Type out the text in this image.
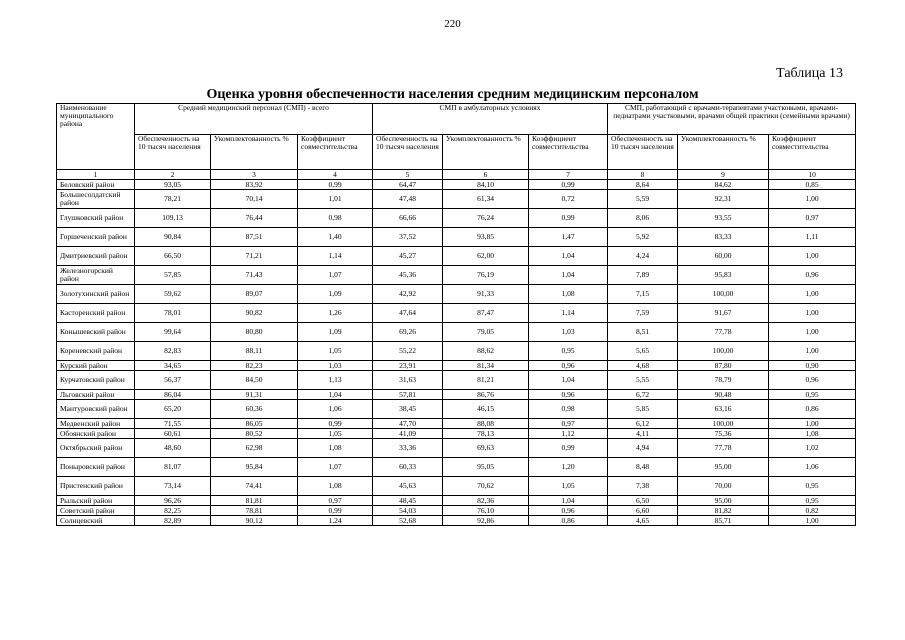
220
Таблица 13
Оценка уровня обеспеченности населения средним медицинским персоналом
Наименование муниципального района	Средний медицинский персонал (СМП) - всего			СМП в амбулаторных условиях			СМП, работающий с врачами-терапевтами участковыми, врачами-педиатрами участковыми, врачами общей практики (семейными врачами)		
	Обеспеченность на 10 тысяч населения	Укомплектованность %	Коэффициент совместительства	Обеспеченность на 10 тысяч населения	Укомплектованность %	Коэффициент совместительства	Обеспеченность на 10 тысяч населения	Укомплектованность %	Коэффициент совместительства
1	2	3	4	5	6	7	8	9	10
Беловский район	93,05	83,92	0,99	64,47	84,10	0,99	8,64	84,62	0,85
Большесолдатский район	78,21	70,14	1,01	47,48	61,34	0,72	5,59	92,31	1,00
Глушковский район	109,13	76,44	0,98	66,66	76,24	0,99	8,06	93,55	0,97
Горшеченский район	90,84	87,51	1,40	37,52	93,85	1,47	5,92	83,33	1,11
Дмитриевский район	66,50	71,21	1,14	45,27	62,00	1,04	4,24	60,00	1,00
Железногорский район	57,85	71,43	1,07	45,36	76,19	1,04	7,89	95,83	0,96
Золотухинский район	59,62	89,07	1,09	42,92	91,33	1,08	7,15	100,00	1,00
Касторенский район	78,01	90,82	1,26	47,64	87,47	1,14	7,59	91,67	1,00
Конышевский район	99,64	80,80	1,09	69,26	79,05	1,03	8,51	77,78	1,00
Кореневский район	82,83	88,11	1,05	55,22	88,62	0,95	5,65	100,00	1,00
Курский район	34,65	82,23	1,03	23,91	81,34	0,96	4,68	87,80	0,90
Курчатовский район	56,37	84,50	1,13	31,63	81,21	1,04	5,55	78,79	0,96
Льговский район	86,04	91,31	1,04	57,81	86,76	0,96	6,72	90,48	0,95
Мантуровский район	65,20	60,36	1,06	38,45	46,15	0,98	5,85	63,16	0,86
Медвенский район	71,55	86,05	0,99	47,70	88,08	0,97	6,12	100,00	1,00
Обоянский район	60,61	80,52	1,05	41,09	78,13	1,12	4,11	75,36	1,08
Октябрьский район	48,60	62,98	1,08	33,36	69,63	0,99	4,94	77,78	1,02
Поныровский район	81,07	95,84	1,07	60,33	95,05	1,20	8,48	95,00	1,06
Пристенский район	73,14	74,41	1,08	45,63	70,62	1,05	7,38	70,00	0,95
Рыльский район	96,26	81,81	0,97	48,45	82,36	1,04	6,50	95,00	0,95
Советский район	82,25	78,81	0,99	54,03	76,10	0,96	6,60	81,82	0,82
Солнцевский	82,89	90,12	1,24	52,68	92,86	0,86	4,65	85,71	1,00
